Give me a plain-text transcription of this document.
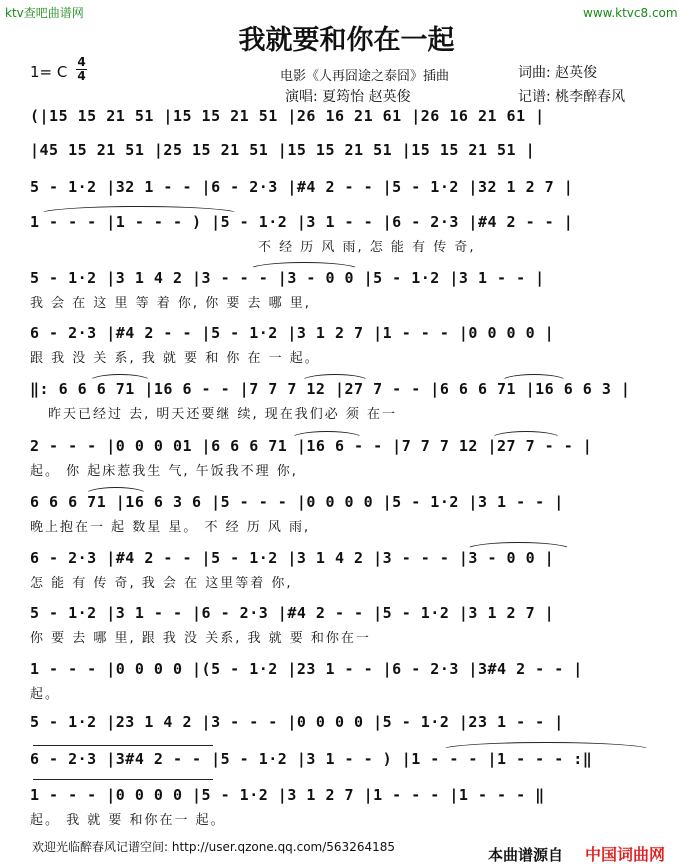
ktv查吧曲谱网	www.ktvc8.com
我就要和你在一起
1= C
4
4	电影《人再囧途之泰囧》插曲	词曲: 赵英俊
演唱: 夏筠怡 赵英俊	记谱: 桃李醉春风
(|15 15 21 51 |15 15 21 51 |26 16 21 61 |26 16 21 61 |
|45 15 21 51 |25 15 21 51 |15 15 21 51 |15 15 21 51 |
5 - 1·2 |32 1 - - |6 - 2·3 |#4 2 - - |5 - 1·2 |32 1 2 7 |
1 - - - |1 - - - ) |5 - 1·2 |3 1 - - |6 - 2·3 |#4 2 - - |
不 经 历 风 雨, 怎 能 有 传 奇,
5 - 1·2 |3 1 4 2 |3 - - - |3 - 0 0 |5 - 1·2 |3 1 - - |
我 会 在 这 里 等 着 你, 你 要 去 哪 里,
6 - 2·3 |#4 2 - - |5 - 1·2 |3 1 2 7 |1 - - - |0 0 0 0 |
跟 我 没 关 系, 我 就 要 和 你 在 一 起。
‖: 6 6 6 71 |16 6 - - |7 7 7 12 |27 7 - - |6 6 6 71 |16 6 6 3 |
昨天已经过 去, 明天还要继 续, 现在我们必 须 在一
2 - - - |0 0 0 01 |6 6 6 71 |16 6 - - |7 7 7 12 |27 7 - - |
起。 你 起床惹我生 气, 午饭我不理 你,
6 6 6 71 |16 6 3 6 |5 - - - |0 0 0 0 |5 - 1·2 |3 1 - - |
晚上抱在一 起 数星 星。 不 经 历 风 雨,
6 - 2·3 |#4 2 - - |5 - 1·2 |3 1 4 2 |3 - - - |3 - 0 0 |
怎 能 有 传 奇, 我 会 在 这里等着 你,
5 - 1·2 |3 1 - - |6 - 2·3 |#4 2 - - |5 - 1·2 |3 1 2 7 |
你 要 去 哪 里, 跟 我 没 关系, 我 就 要 和你在一
1 - - - |0 0 0 0 |(5 - 1·2 |23 1 - - |6 - 2·3 |3#4 2 - - |
起。
5 - 1·2 |23 1 4 2 |3 - - - |0 0 0 0 |5 - 1·2 |23 1 - - |
6 - 2·3 |3#4 2 - - |5 - 1·2 |3 1 - - ) |1 - - - |1 - - - :‖
1 - - - |0 0 0 0 |5 - 1·2 |3 1 2 7 |1 - - - |1 - - - ‖
起。 我 就 要 和你在一 起。
欢迎光临醉春风记谱空间: http://user.qzone.qq.com/563264185	本曲谱源自 中国词曲网
